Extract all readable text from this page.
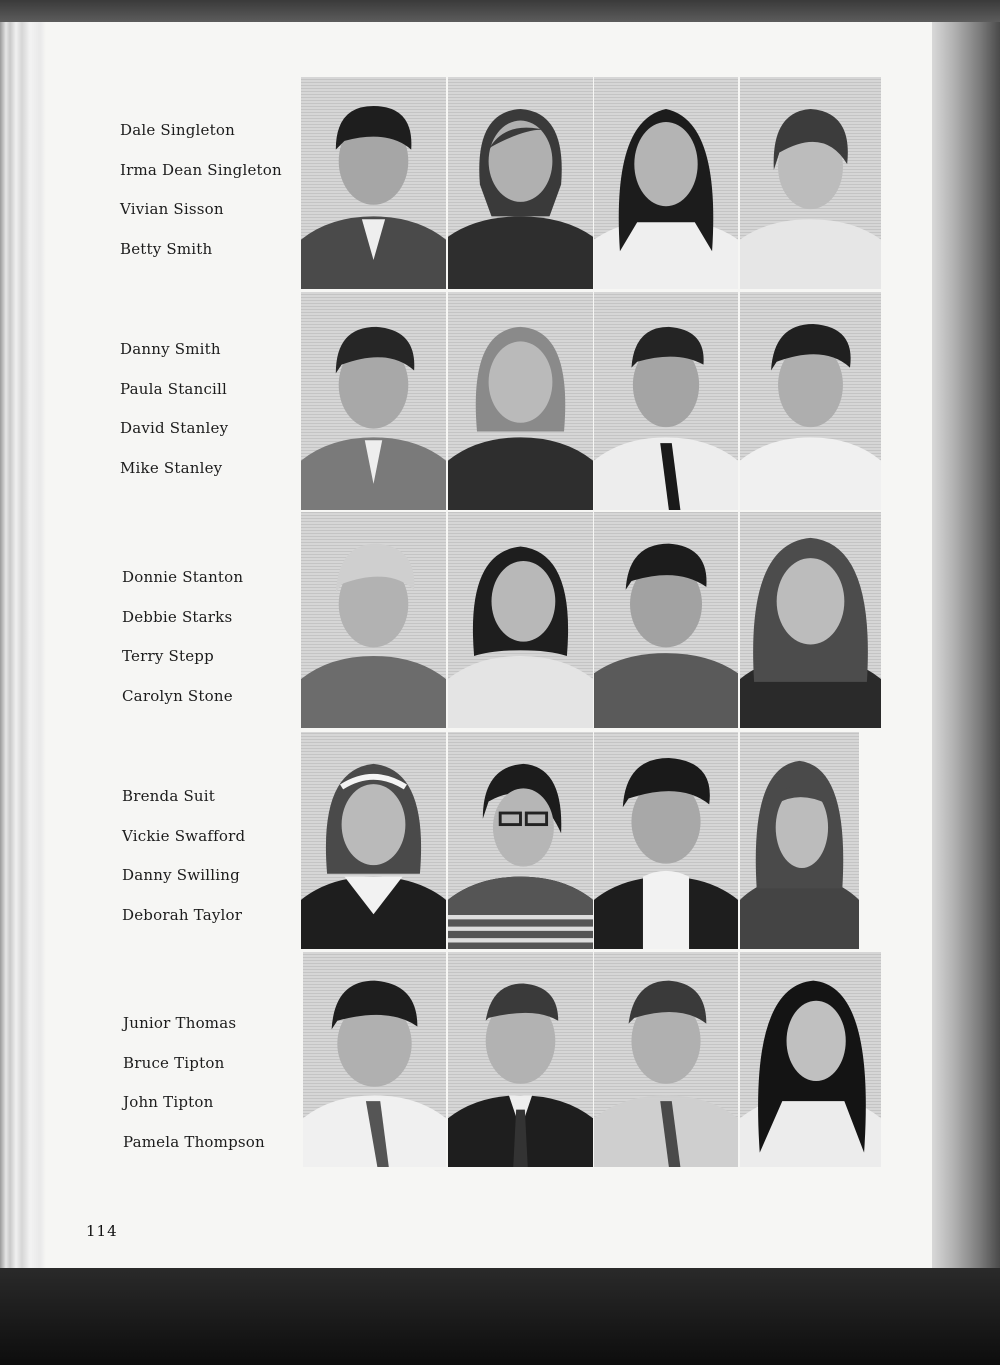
Dale Singleton
Irma Dean Singleton
Vivian Sisson
Betty Smith
Danny Smith
Paula Stancill
David Stanley
Mike Stanley
Donnie Stanton
Debbie Starks
Terry Stepp
Carolyn Stone
Brenda Suit
Vickie Swafford
Danny Swilling
Deborah Taylor
Junior Thomas
Bruce Tipton
John Tipton
Pamela Thompson
114
